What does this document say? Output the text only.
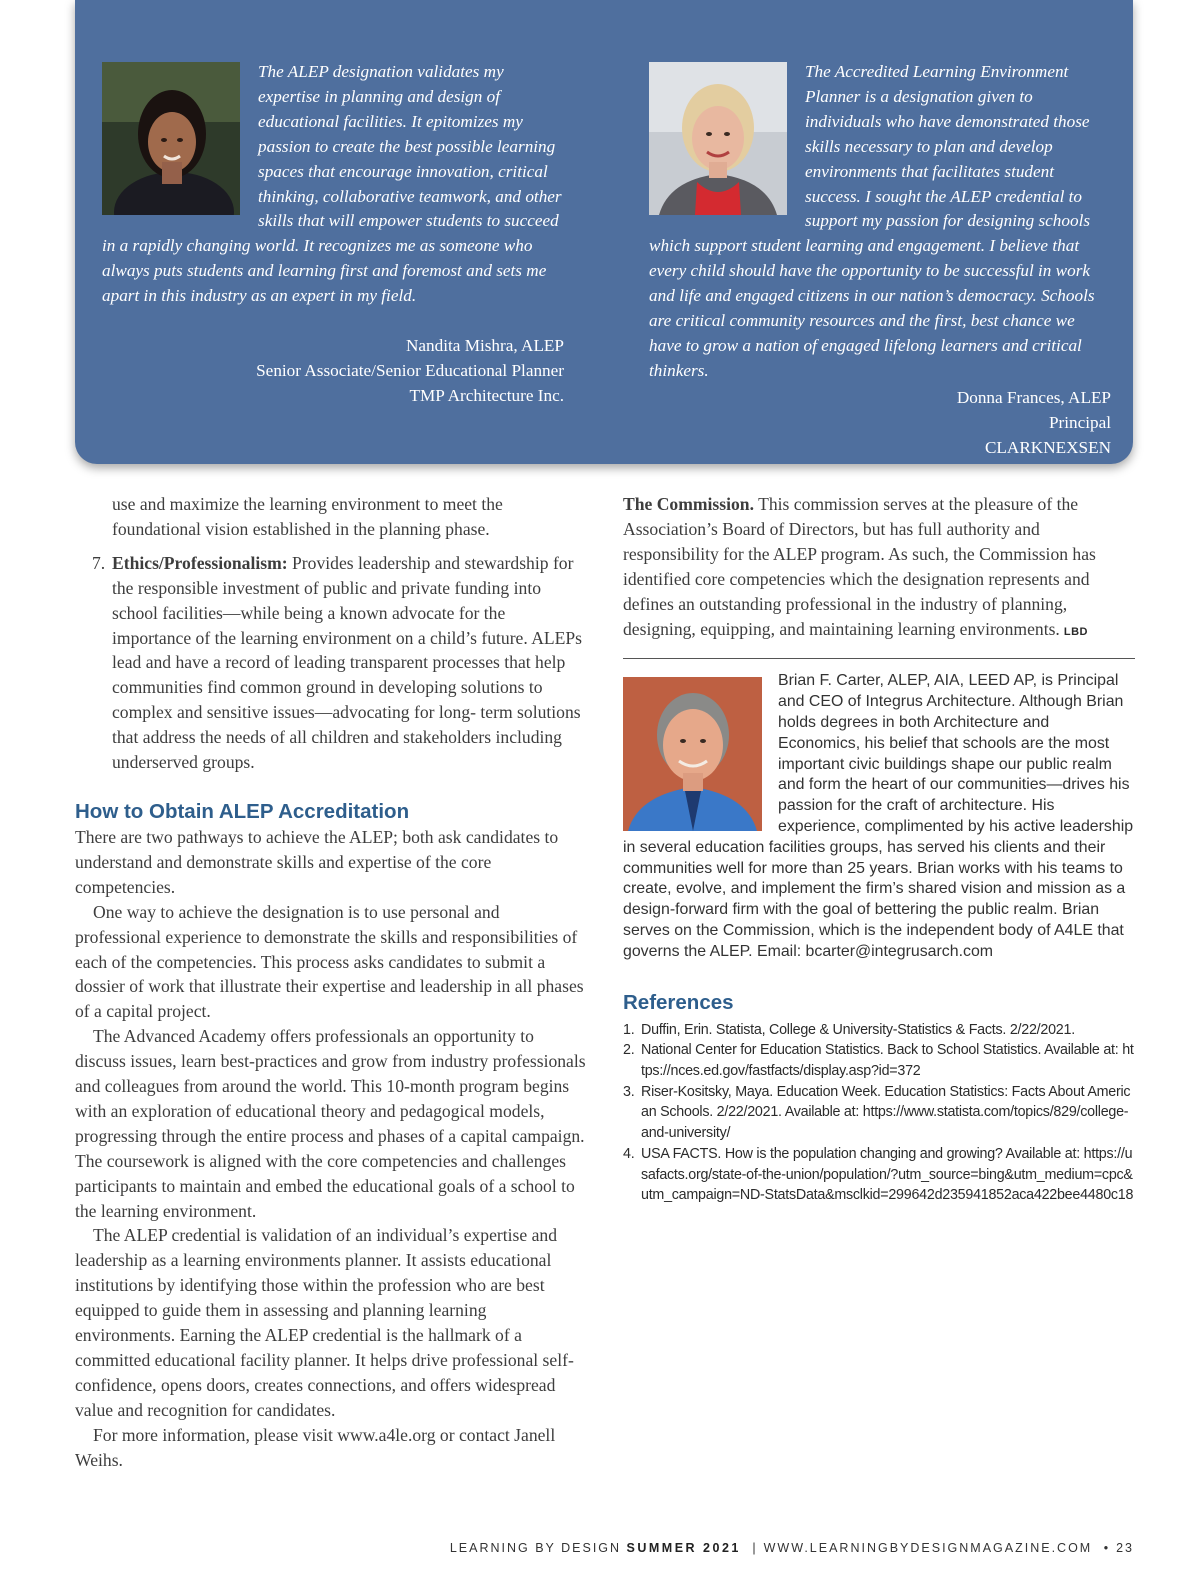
The ALEP designation validates my expertise in planning and design of educational facilities. It epitomizes my passion to create the best possible learning spaces that encourage innovation, critical thinking, collaborative teamwork, and other skills that will empower students to succeed in a rapidly changing world. It recognizes me as someone who always puts students and learning first and foremost and sets me apart in this industry as an expert in my field.

Nandita Mishra, ALEP
Senior Associate/Senior Educational Planner
TMP Architecture Inc.

The Accredited Learning Environment Planner is a designation given to individuals who have demonstrated those skills necessary to plan and develop environments that facilitates student success. I sought the ALEP credential to support my passion for designing schools which support student learning and engagement. I believe that every child should have the opportunity to be successful in work and life and engaged citizens in our nation’s democracy. Schools are critical community resources and the first, best chance we have to grow a nation of engaged lifelong learners and critical thinkers.

Donna Frances, ALEP
Principal
CLARKNEXSEN

use and maximize the learning environment to meet the foundational vision established in the planning phase.

7. Ethics/Professionalism: Provides leadership and stewardship for the responsible investment of public and private funding into school facilities—while being a known advocate for the importance of the learning environment on a child’s future. ALEPs lead and have a record of leading transparent processes that help communities find common ground in developing solutions to complex and sensitive issues—advocating for long- term solutions that address the needs of all children and stakeholders including underserved groups.

How to Obtain ALEP Accreditation

There are two pathways to achieve the ALEP; both ask candidates to understand and demonstrate skills and expertise of the core competencies.

One way to achieve the designation is to use personal and professional experience to demonstrate the skills and responsibilities of each of the competencies. This process asks candidates to submit a dossier of work that illustrate their expertise and leadership in all phases of a capital project.

The Advanced Academy offers professionals an opportunity to discuss issues, learn best-practices and grow from industry professionals and colleagues from around the world. This 10-month program begins with an exploration of educational theory and pedagogical models, progressing through the entire process and phases of a capital campaign. The coursework is aligned with the core competencies and challenges participants to maintain and embed the educational goals of a school to the learning environment.

The ALEP credential is validation of an individual’s expertise and leadership as a learning environments planner. It assists educational institutions by identifying those within the profession who are best equipped to guide them in assessing and planning learning environments. Earning the ALEP credential is the hallmark of a committed educational facility planner. It helps drive professional self-confidence, opens doors, creates connections, and offers widespread value and recognition for candidates.

For more information, please visit www.a4le.org or contact Janell Weihs.

The Commission. This commission serves at the pleasure of the Association’s Board of Directors, but has full authority and responsibility for the ALEP program. As such, the Commission has identified core competencies which the designation represents and defines an outstanding professional in the industry of planning, designing, equipping, and maintaining learning environments. LBD

Brian F. Carter, ALEP, AIA, LEED AP, is Principal and CEO of Integrus Architecture. Although Brian holds degrees in both Architecture and Economics, his belief that schools are the most important civic buildings shape our public realm and form the heart of our communities—drives his passion for the craft of architecture. His experience, complimented by his active leadership in several education facilities groups, has served his clients and their communities well for more than 25 years. Brian works with his teams to create, evolve, and implement the firm’s shared vision and mission as a design-forward firm with the goal of bettering the public realm. Brian serves on the Commission, which is the independent body of A4LE that governs the ALEP. Email: bcarter@integrusarch.com
References
1. Duffin, Erin. Statista, College & University-Statistics & Facts. 2/22/2021.
2. National Center for Education Statistics. Back to School Statistics. Available at: https://nces.ed.gov/fastfacts/display.asp?id=372
3. Riser-Kositsky, Maya. Education Week. Education Statistics: Facts About American Schools. 2/22/2021. Available at: https://www.statista.com/topics/829/college-and-university/
4. USA FACTS. How is the population changing and growing? Available at: https://usafacts.org/state-of-the-union/population/?utm_source=bing&utm_medium=cpc&utm_campaign=ND-StatsData&msclkid=299642d235941852aca422bee4480c18
LEARNING BY DESIGN SUMMER 2021 | WWW.LEARNINGBYDESIGNMAGAZINE.COM • 23
